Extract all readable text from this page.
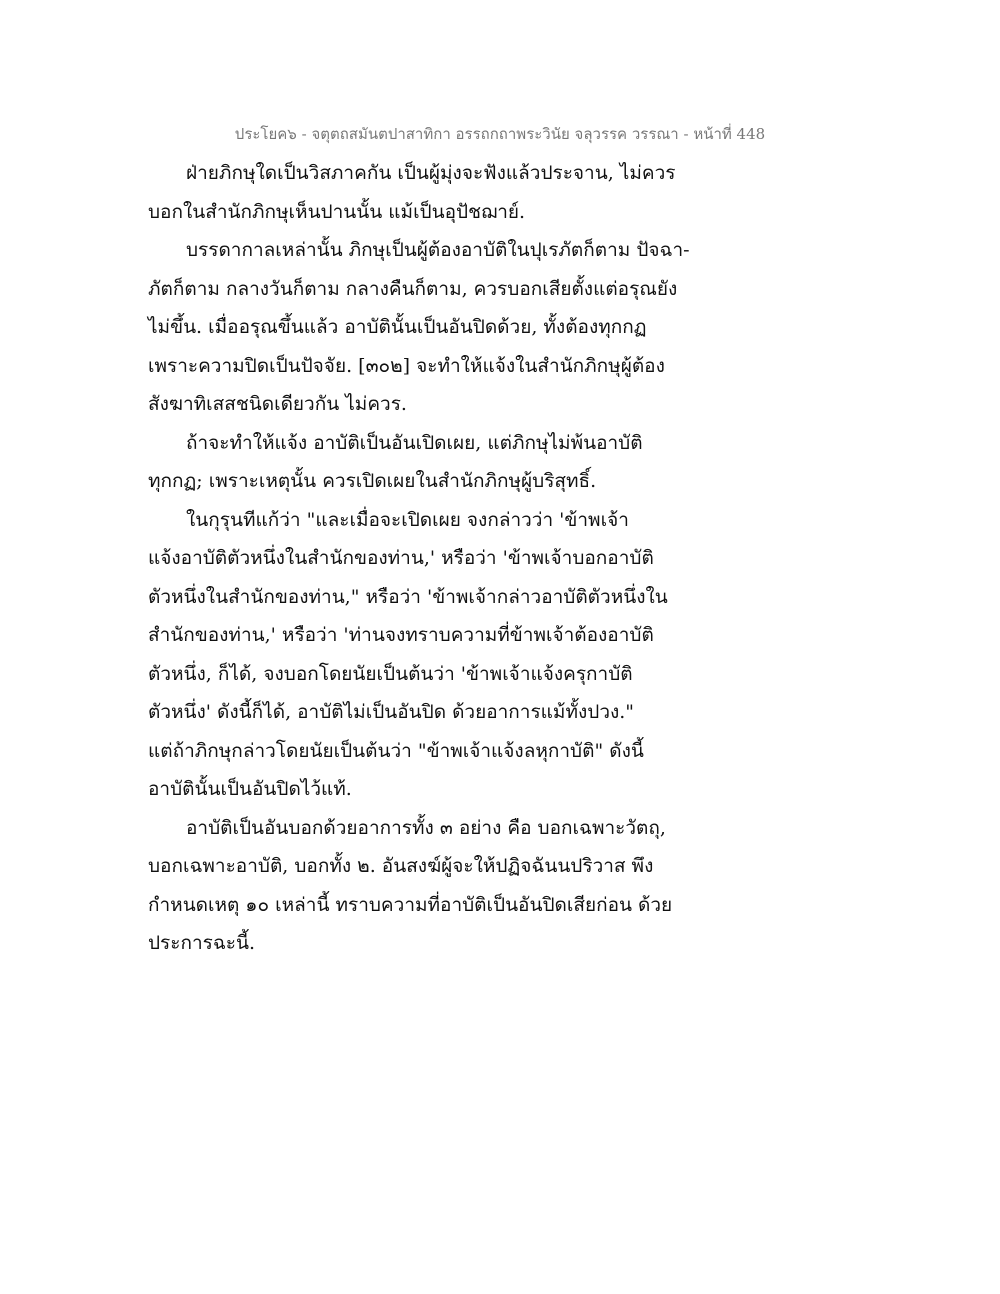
ประโยค๖ - จตุตถสมันตปาสาทิกา อรรถกถาพระวินัย จลุวรรค วรรณา - หน้าที่ 448
ฝ่ายภิกษุใดเป็นวิสภาคกัน เป็นผู้มุ่งจะฟังแล้วประจาน, ไม่ควร
บอกในสำนักภิกษุเห็นปานนั้น แม้เป็นอุปัชฌาย์.
บรรดากาลเหล่านั้น ภิกษุเป็นผู้ต้องอาบัติในปุเรภัตก็ตาม ปัจฉา-
ภัตก็ตาม กลางวันก็ตาม กลางคืนก็ตาม, ควรบอกเสียตั้งแต่อรุณยัง
ไม่ขึ้น. เมื่ออรุณขึ้นแล้ว อาบัตินั้นเป็นอันปิดด้วย, ทั้งต้องทุกกฏ
เพราะความปิดเป็นปัจจัย. [๓๐๒] จะทำให้แจ้งในสำนักภิกษุผู้ต้อง
สังฆาทิเสสชนิดเดียวกัน ไม่ควร.
ถ้าจะทำให้แจ้ง อาบัติเป็นอันเปิดเผย, แต่ภิกษุไม่พ้นอาบัติ
ทุกกฏ; เพราะเหตุนั้น ควรเปิดเผยในสำนักภิกษุผู้บริสุทธิ์.
ในกุรุนทีแก้ว่า "และเมื่อจะเปิดเผย จงกล่าวว่า 'ข้าพเจ้า
แจ้งอาบัติตัวหนึ่งในสำนักของท่าน,' หรือว่า 'ข้าพเจ้าบอกอาบัติ
ตัวหนึ่งในสำนักของท่าน," หรือว่า 'ข้าพเจ้ากล่าวอาบัติตัวหนึ่งใน
สำนักของท่าน,' หรือว่า 'ท่านจงทราบความที่ข้าพเจ้าต้องอาบัติ
ตัวหนึ่ง, ก็ได้, จงบอกโดยนัยเป็นต้นว่า 'ข้าพเจ้าแจ้งครุกาบัติ
ตัวหนึ่ง' ดังนี้ก็ได้, อาบัติไม่เป็นอันปิด ด้วยอาการแม้ทั้งปวง."
แต่ถ้าภิกษุกล่าวโดยนัยเป็นต้นว่า "ข้าพเจ้าแจ้งลหุกาบัติ" ดังนี้
อาบัตินั้นเป็นอันปิดไว้แท้.
อาบัติเป็นอันบอกด้วยอาการทั้ง ๓ อย่าง คือ บอกเฉพาะวัตถุ,
บอกเฉพาะอาบัติ, บอกทั้ง ๒. อันสงฆ์ผู้จะให้ปฏิจฉันนปริวาส พึง
กำหนดเหตุ ๑๐ เหล่านี้ ทราบความที่อาบัติเป็นอันปิดเสียก่อน ด้วย
ประการฉะนี้.
